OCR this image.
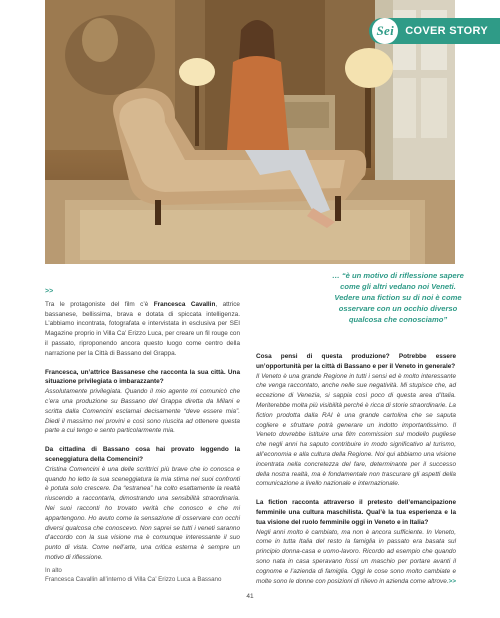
Sei	COVER STORY
… “è un motivo di riflessione sapere come gli altri vedano noi Veneti. Vedere una fiction su di noi è come osservare con un occhio diverso qualcosa che conosciamo”

>>

Tra le protagoniste del film c’è Francesca Cavallin, attrice bassanese, bellissima, brava e dotata di spiccata intelligenza. L’abbiamo incontrata, fotografata e intervistata in esclusiva per SEI Magazine proprio in Villa Ca’ Erizzo Luca, per creare un fil rouge con il passato, riproponendo ancora questo luogo come centro della narrazione per la Città di Bassano del Grappa.

Francesca, un’attrice Bassanese che racconta la sua città. Una situazione privilegiata o imbarazzante?

Assolutamente privilegiata. Quando il mio agente mi comunicò che c’era una produzione su Bassano del Grappa diretta da Milani e scritta dalla Comencini esclamai decisamente “deve essere mia”. Diedi il massimo nei provini e così sono riuscita ad ottenere questa parte a cui tengo e sento particolarmente mia.

Da cittadina di Bassano cosa hai provato leggendo la sceneggiatura della Comencini?

Cristina Comencini è una delle scrittrici più brave che io conosca e quando ho letto la sua sceneggiatura la mia stima nei suoi confronti è potuta solo crescere. Da “estranea” ha colto esattamente la realtà riuscendo a raccontarla, dimostrando una sensibilità straordinaria. Nei suoi racconti ho trovato verità che conosco e che mi appartengono. Ho avuto come la sensazione di osservare con occhi diversi qualcosa che conoscevo. Non saprei se tutti i veneti saranno d’accordo con la sua visione ma è comunque interessante il suo punto di vista. Come nell’arte, una critica esterna è sempre un motivo di riflessione.

In alto
Francesca Cavallin all’interno di Villa Ca’ Erizzo Luca a Bassano

Cosa pensi di questa produzione? Potrebbe essere un’opportunità per la città di Bassano e per il Veneto in generale?

Il Veneto è una grande Regione in tutti i sensi ed è molto interessante che venga raccontato, anche nelle sue negatività. Mi stupisce che, ad eccezione di Venezia, si sappia così poco di questa area d’Italia. Meriterebbe molta più visibilità perché è ricca di storie straordinarie. La fiction prodotta dalla RAI è una grande cartolina che se saputa cogliere e sfruttare potrà generare un indotto importantissimo. Il Veneto dovrebbe istituire una film commission sul modello pugliese che negli anni ha saputo contribuire in modo significativo al turismo, all’economia e alla cultura della Regione. Noi qui abbiamo una visione incentrata nella concretezza del fare, determinante per il successo della nostra realtà, ma è fondamentale non trascurare gli aspetti della comunicazione a livello nazionale e internazionale.

La fiction racconta attraverso il pretesto dell’emancipazione femminile una cultura maschilista. Qual’è la tua esperienza e la tua visione del ruolo femminile oggi in Veneto e in Italia?

Negli anni molto è cambiato, ma non è ancora sufficiente. In Veneto, come in tutta Italia del resto la famiglia in passato era basata sul principio donna-casa e uomo-lavoro. Ricordo ad esempio che quando sono nata in casa speravano fossi un maschio per portare avanti il cognome e l’azienda di famiglia. Oggi le cose sono molto cambiate e molte sono le donne con posizioni di rilievo in azienda come altrove. >>

41
